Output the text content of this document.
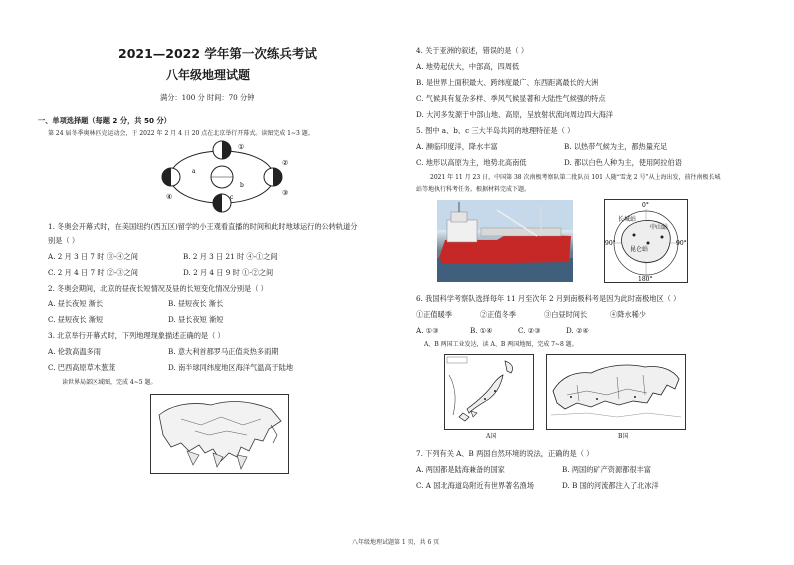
2021—2022 学年第一次练兵考试
八年级地理试题
满分：100 分 时间：70 分钟
一、单项选择题（每题 2 分，共 50 分）
第 24 届冬季奥林匹克运动会，于 2022 年 2 月 4 日 20 点在北京举行开幕式。读图完成 1~3 题。
①
②
③
④
a
b
c
1. 冬奥会开幕式时，在美国纽约(西五区)留学的小王观看直播的时间和此时地球运行的公转轨道分
别是（ ）
A. 2 月 3 日 7 时 ③-④之间	B. 2 月 3 日 21 时 ④-①之间
C. 2 月 4 日 7 时 ②-③之间	D. 2 月 4 日 9 时 ①-②之间
2. 冬奥会期间，北京的昼夜长短情况及昼的长短变化情况分别是（ ）
A. 昼长夜短 渐长	B. 昼短夜长 渐长
C. 昼短夜长 渐短	D. 昼长夜短 渐短
3. 北京举行开幕式时，下列地理现象描述正确的是（ ）
A. 伦敦高温多雨	B. 意大利首都罗马正值炎热多雨期
C. 巴西高原草木葱茏	D. 南半球同纬度地区海洋气温高于陆地
读世界局部区域图，完成 4~5 题。
4. 关于亚洲的叙述，错误的是（ ）
A. 地势起伏大，中部高，四周低
B. 是世界上面积最大、跨纬度最广、东西距离最长的大洲
C. 气候具有复杂多样、季风气候显著和大陆性气候强的特点
D. 大河多发源于中部山地、高原，呈放射状流向周边四大海洋
5. 图中 a、b、c 三大半岛共同的地理特征是（ ）
A. 濒临印度洋，降水丰富	B. 以热带气候为主，都热量充足
C. 地形以高原为主，地势北高南低	D. 都以白色人种为主，使用阿拉伯语
2021 年 11 月 23 日，中国第 38 次南极考察队第二批队员 101 人随“雪龙 2 号”从上海出发，前往南极长城
站等地执行科考任务。根据材料完成下题。
0°
长城站
90°	90°
昆仑站
中山站
180°
6. 我国科学考察队选择每年 11 月至次年 2 月到南极科考是因为此时南极地区（ ）
①正值暖季	②正值冬季	③白昼时间长	④降水稀少
A. ①③	B. ①④	C. ②③	D. ②④
A、B 两国工业发达，读 A、B 两国地图，完成 7~8 题。
A国	B国
7. 下列有关 A、B 两国自然环境的说法，正确的是（ ）
A. 两国都是陆海兼备的国家	B. 两国的矿产资源都很丰富
C. A 国北海道岛附近有世界著名渔场	D. B 国的河流都注入了北冰洋
八年级地理试题第 1 页，共 6 页
